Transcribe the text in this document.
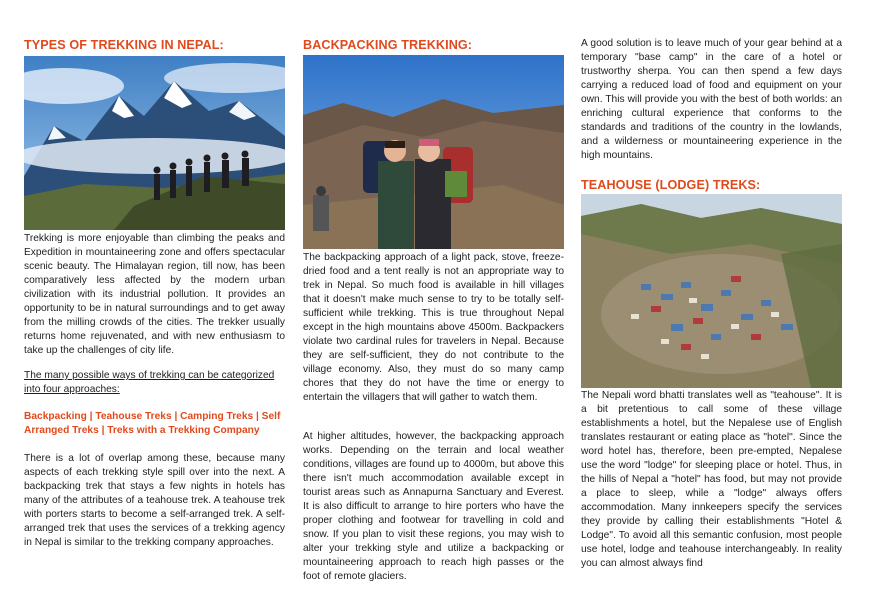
TYPES OF TREKKING IN NEPAL:

Trekking is more enjoyable than climbing the peaks and Expedition in mountaineering zone and offers spectacular scenic beauty. The Himalayan region, till now, has been comparatively less affected by the modern urban civilization with its industrial pollution. It provides an opportunity to be in natural surroundings and to get away from the milling crowds of the cities. The trekker usually returns home rejuvenated, and with new enthusiasm to take up the challenges of city life.

The many possible ways of trekking can be categorized into four approaches:

Backpacking | Teahouse Treks | Camping Treks | Self Arranged Treks | Treks with a Trekking Company

There is a lot of overlap among these, because many aspects of each trekking style spill over into the next. A backpacking trek that stays a few nights in hotels has many of the attributes of a teahouse trek. A teahouse trek with porters starts to become a self-arranged trek. A self- arranged trek that uses the services of a trekking agency in Nepal is similar to the trekking company approaches.

BACKPACKING TREKKING:

The backpacking approach of a light pack, stove, freeze-dried food and a tent really is not an appropriate way to trek in Nepal. So much food is available in hill villages that it doesn't make much sense to try to be totally self-sufficient while trekking. This is true throughout Nepal except in the high mountains above 4500m. Backpackers violate two cardinal rules for travelers in Nepal. Because they are self-sufficient, they do not contribute to the village economy. Also, they must do so many camp chores that they do not have the time or energy to entertain the villagers that will gather to watch them.

At higher altitudes, however, the backpacking approach works. Depending on the terrain and local weather conditions, villages are found up to 4000m, but above this there isn't much accommodation available except in tourist areas such as Annapurna Sanctuary and Everest. It is also difficult to arrange to hire porters who have the proper clothing and footwear for travelling in cold and snow. If you plan to visit these regions, you may wish to alter your trekking style and utilize a backpacking or mountaineering approach to reach high passes or the foot of remote glaciers.

A good solution is to leave much of your gear behind at a temporary "base camp" in the care of a hotel or trustworthy sherpa. You can then spend a few days carrying a reduced load of food and equipment on your own. This will provide you with the best of both worlds: an enriching cultural experience that conforms to the standards and traditions of the country in the lowlands, and a wilderness or mountaineering experience in the high mountains.

TEAHOUSE (LODGE) TREKS:

The Nepali word bhatti translates well as "teahouse". It is a bit pretentious to call some of these village establishments a hotel, but the Nepalese use of English translates restaurant or eating place as "hotel". Since the word hotel has, therefore, been pre-empted, Nepalese use the word "lodge" for sleeping place or hotel. Thus, in the hills of Nepal a "hotel" has food, but may not provide a place to sleep, while a "lodge" always offers accommodation. Many innkeepers specify the services they provide by calling their establishments "Hotel & Lodge". To avoid all this semantic confusion, most people use hotel, lodge and teahouse interchangeably. In reality you can almost always find
